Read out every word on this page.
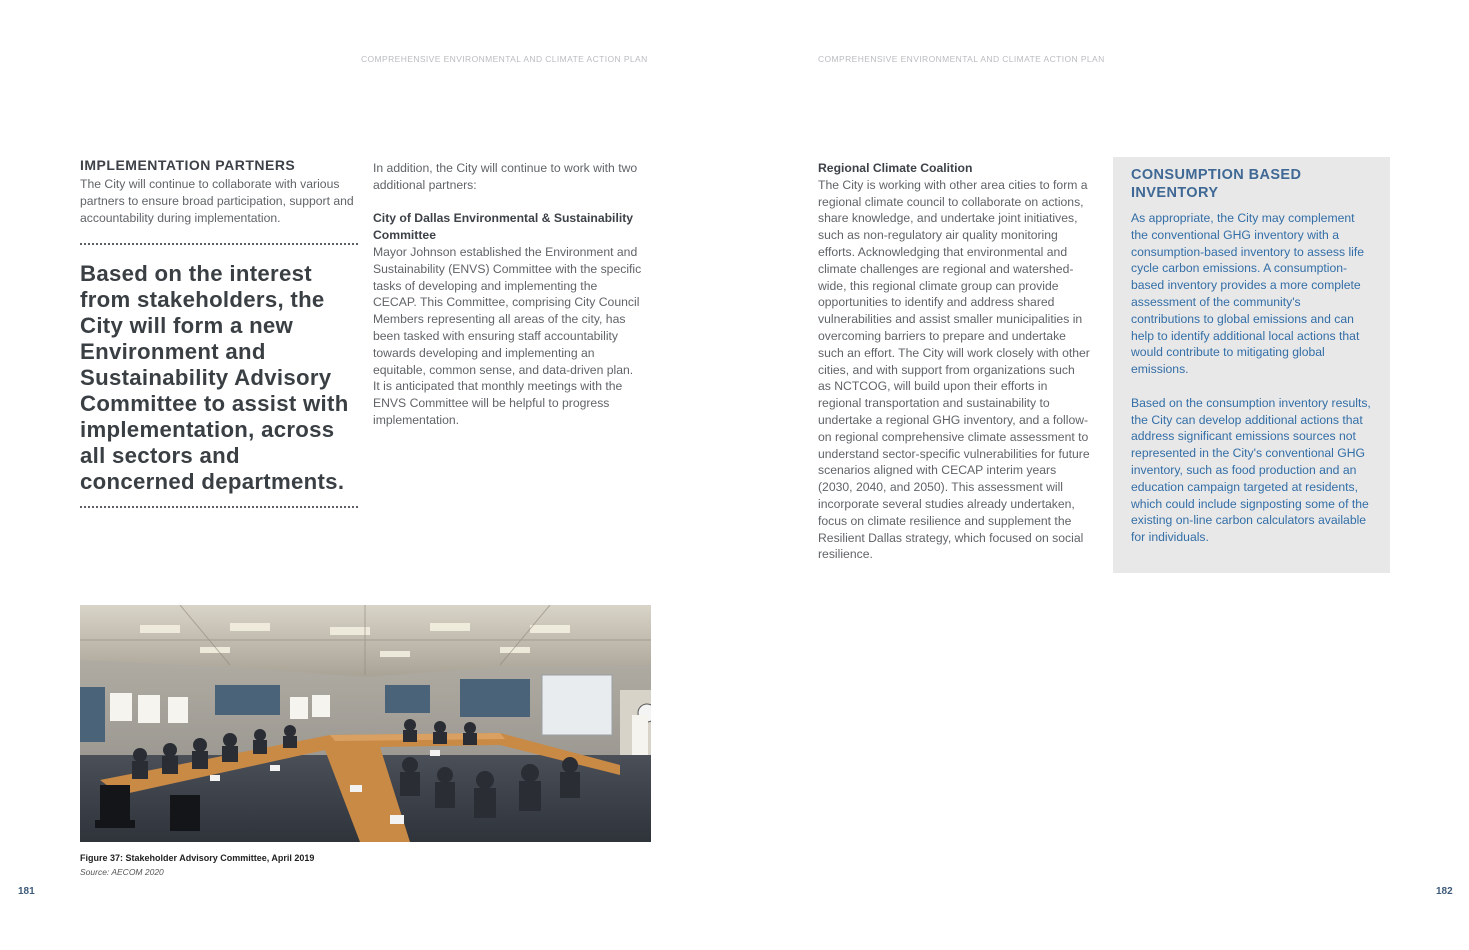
COMPREHENSIVE ENVIRONMENTAL AND CLIMATE ACTION PLAN	COMPREHENSIVE ENVIRONMENTAL AND CLIMATE ACTION PLAN
IMPLEMENTATION PARTNERS
The City will continue to collaborate with various partners to ensure broad participation, support and accountability during implementation.
Based on the interest from stakeholders, the City will form a new Environment and Sustainability Advisory Committee to assist with implementation, across all sectors and concerned departments.
In addition, the City will continue to work with two additional partners:
City of Dallas Environmental & Sustainability Committee
Mayor Johnson established the Environment and Sustainability (ENVS) Committee with the specific tasks of developing and implementing the CECAP. This Committee, comprising City Council Members representing all areas of the city, has been tasked with ensuring staff accountability towards developing and implementing an equitable, common sense, and data-driven plan. It is anticipated that monthly meetings with the ENVS Committee will be helpful to progress implementation.
Regional Climate Coalition
The City is working with other area cities to form a regional climate council to collaborate on actions, share knowledge, and undertake joint initiatives, such as non-regulatory air quality monitoring efforts. Acknowledging that environmental and climate challenges are regional and watershed-wide, this regional climate group can provide opportunities to identify and address shared vulnerabilities and assist smaller municipalities in overcoming barriers to prepare and undertake such an effort. The City will work closely with other cities, and with support from organizations such as NCTCOG, will build upon their efforts in regional transportation and sustainability to undertake a regional GHG inventory, and a follow-on regional comprehensive climate assessment to understand sector-specific vulnerabilities for future scenarios aligned with CECAP interim years (2030, 2040, and 2050). This assessment will incorporate several studies already undertaken, focus on climate resilience and supplement the Resilient Dallas strategy, which focused on social resilience.
CONSUMPTION BASED INVENTORY
As appropriate, the City may complement the conventional GHG inventory with a consumption-based inventory to assess life cycle carbon emissions. A consumption-based inventory provides a more complete assessment of the community's contributions to global emissions and can help to identify additional local actions that would contribute to mitigating global emissions.
Based on the consumption inventory results, the City can develop additional actions that address significant emissions sources not represented in the City's conventional GHG inventory, such as food production and an education campaign targeted at residents, which could include signposting some of the existing on-line carbon calculators available for individuals.
Figure 37: Stakeholder Advisory Committee, April 2019
Source: AECOM 2020
181	182
